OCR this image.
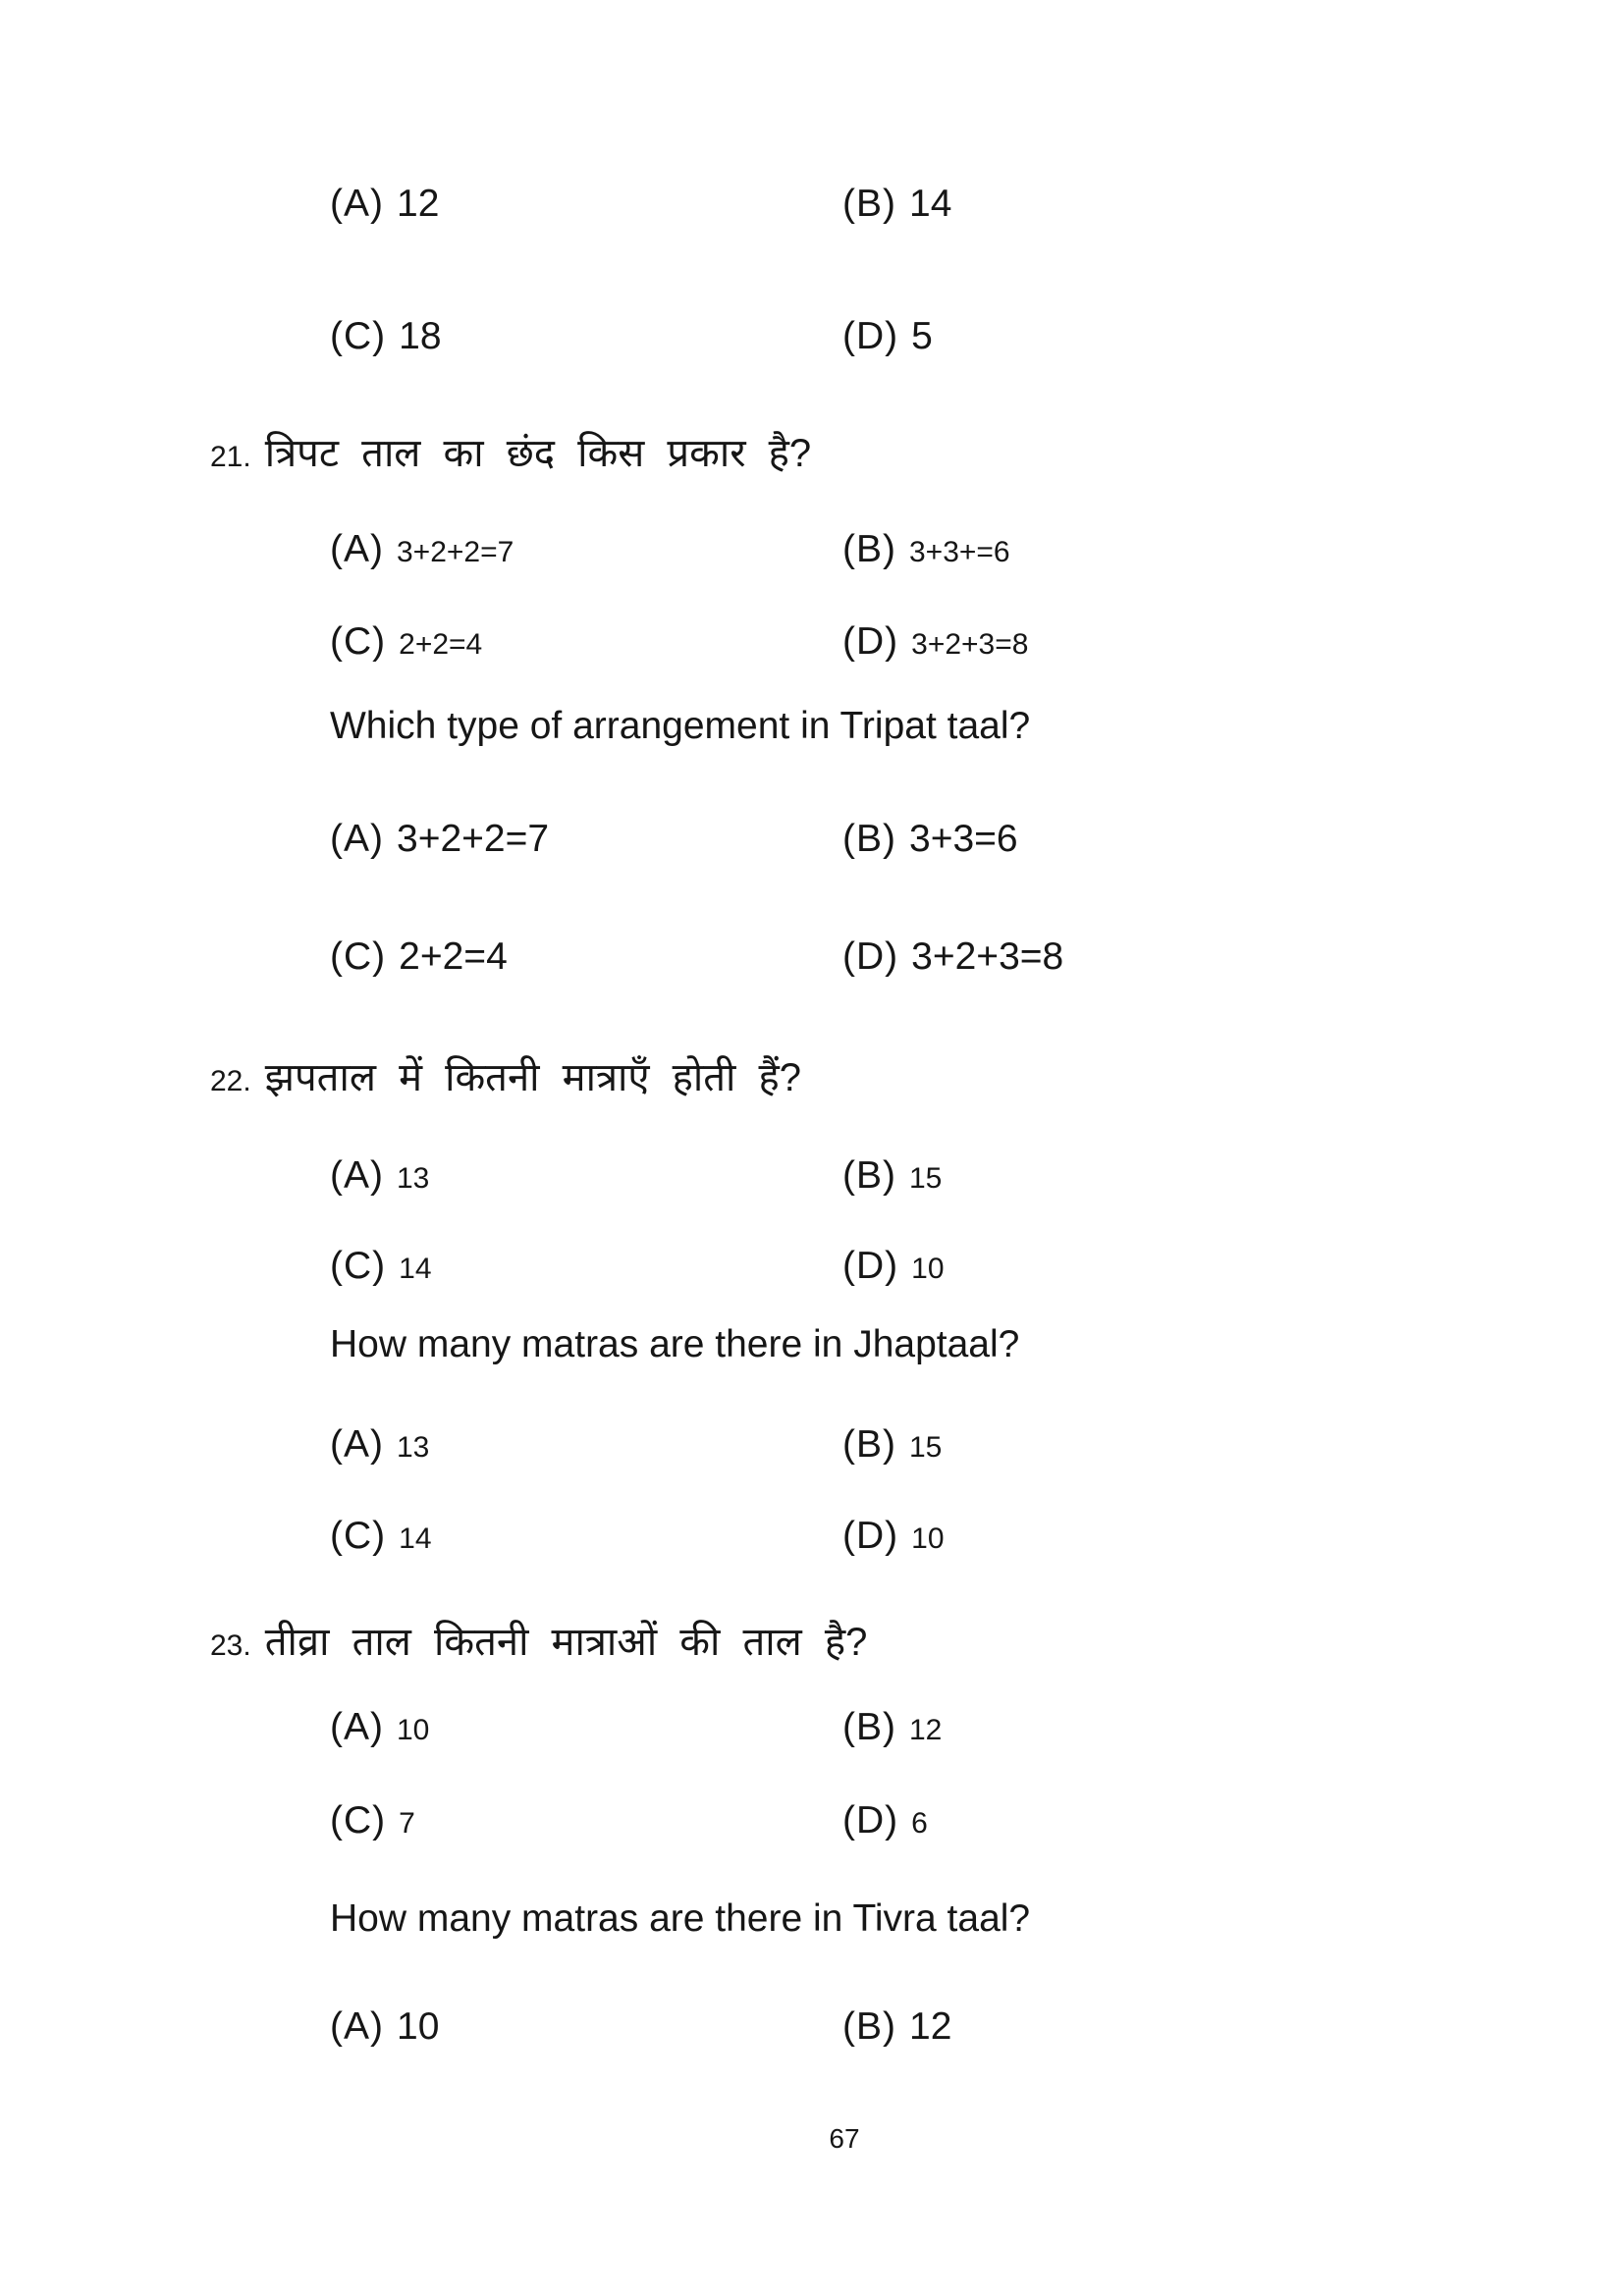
(A) 12	(B) 14
(C) 18	(D) 5
21. त्रिपट ताल का छंद किस प्रकार है?
(A) 3+2+2=7	(B) 3+3+=6
(C) 2+2=4	(D) 3+2+3=8
Which type of arrangement in Tripat taal?
(A) 3+2+2=7	(B) 3+3=6
(C) 2+2=4	(D) 3+2+3=8
22. झपताल में कितनी मात्राएँ होती हैं?
(A) 13	(B) 15
(C) 14	(D) 10
How many matras are there in Jhaptaal?
(A) 13	(B) 15
(C) 14	(D) 10
23. तीव्रा ताल कितनी मात्राओं की ताल है?
(A) 10	(B) 12
(C) 7	(D) 6
How many matras are there in Tivra taal?
(A) 10	(B) 12
67
